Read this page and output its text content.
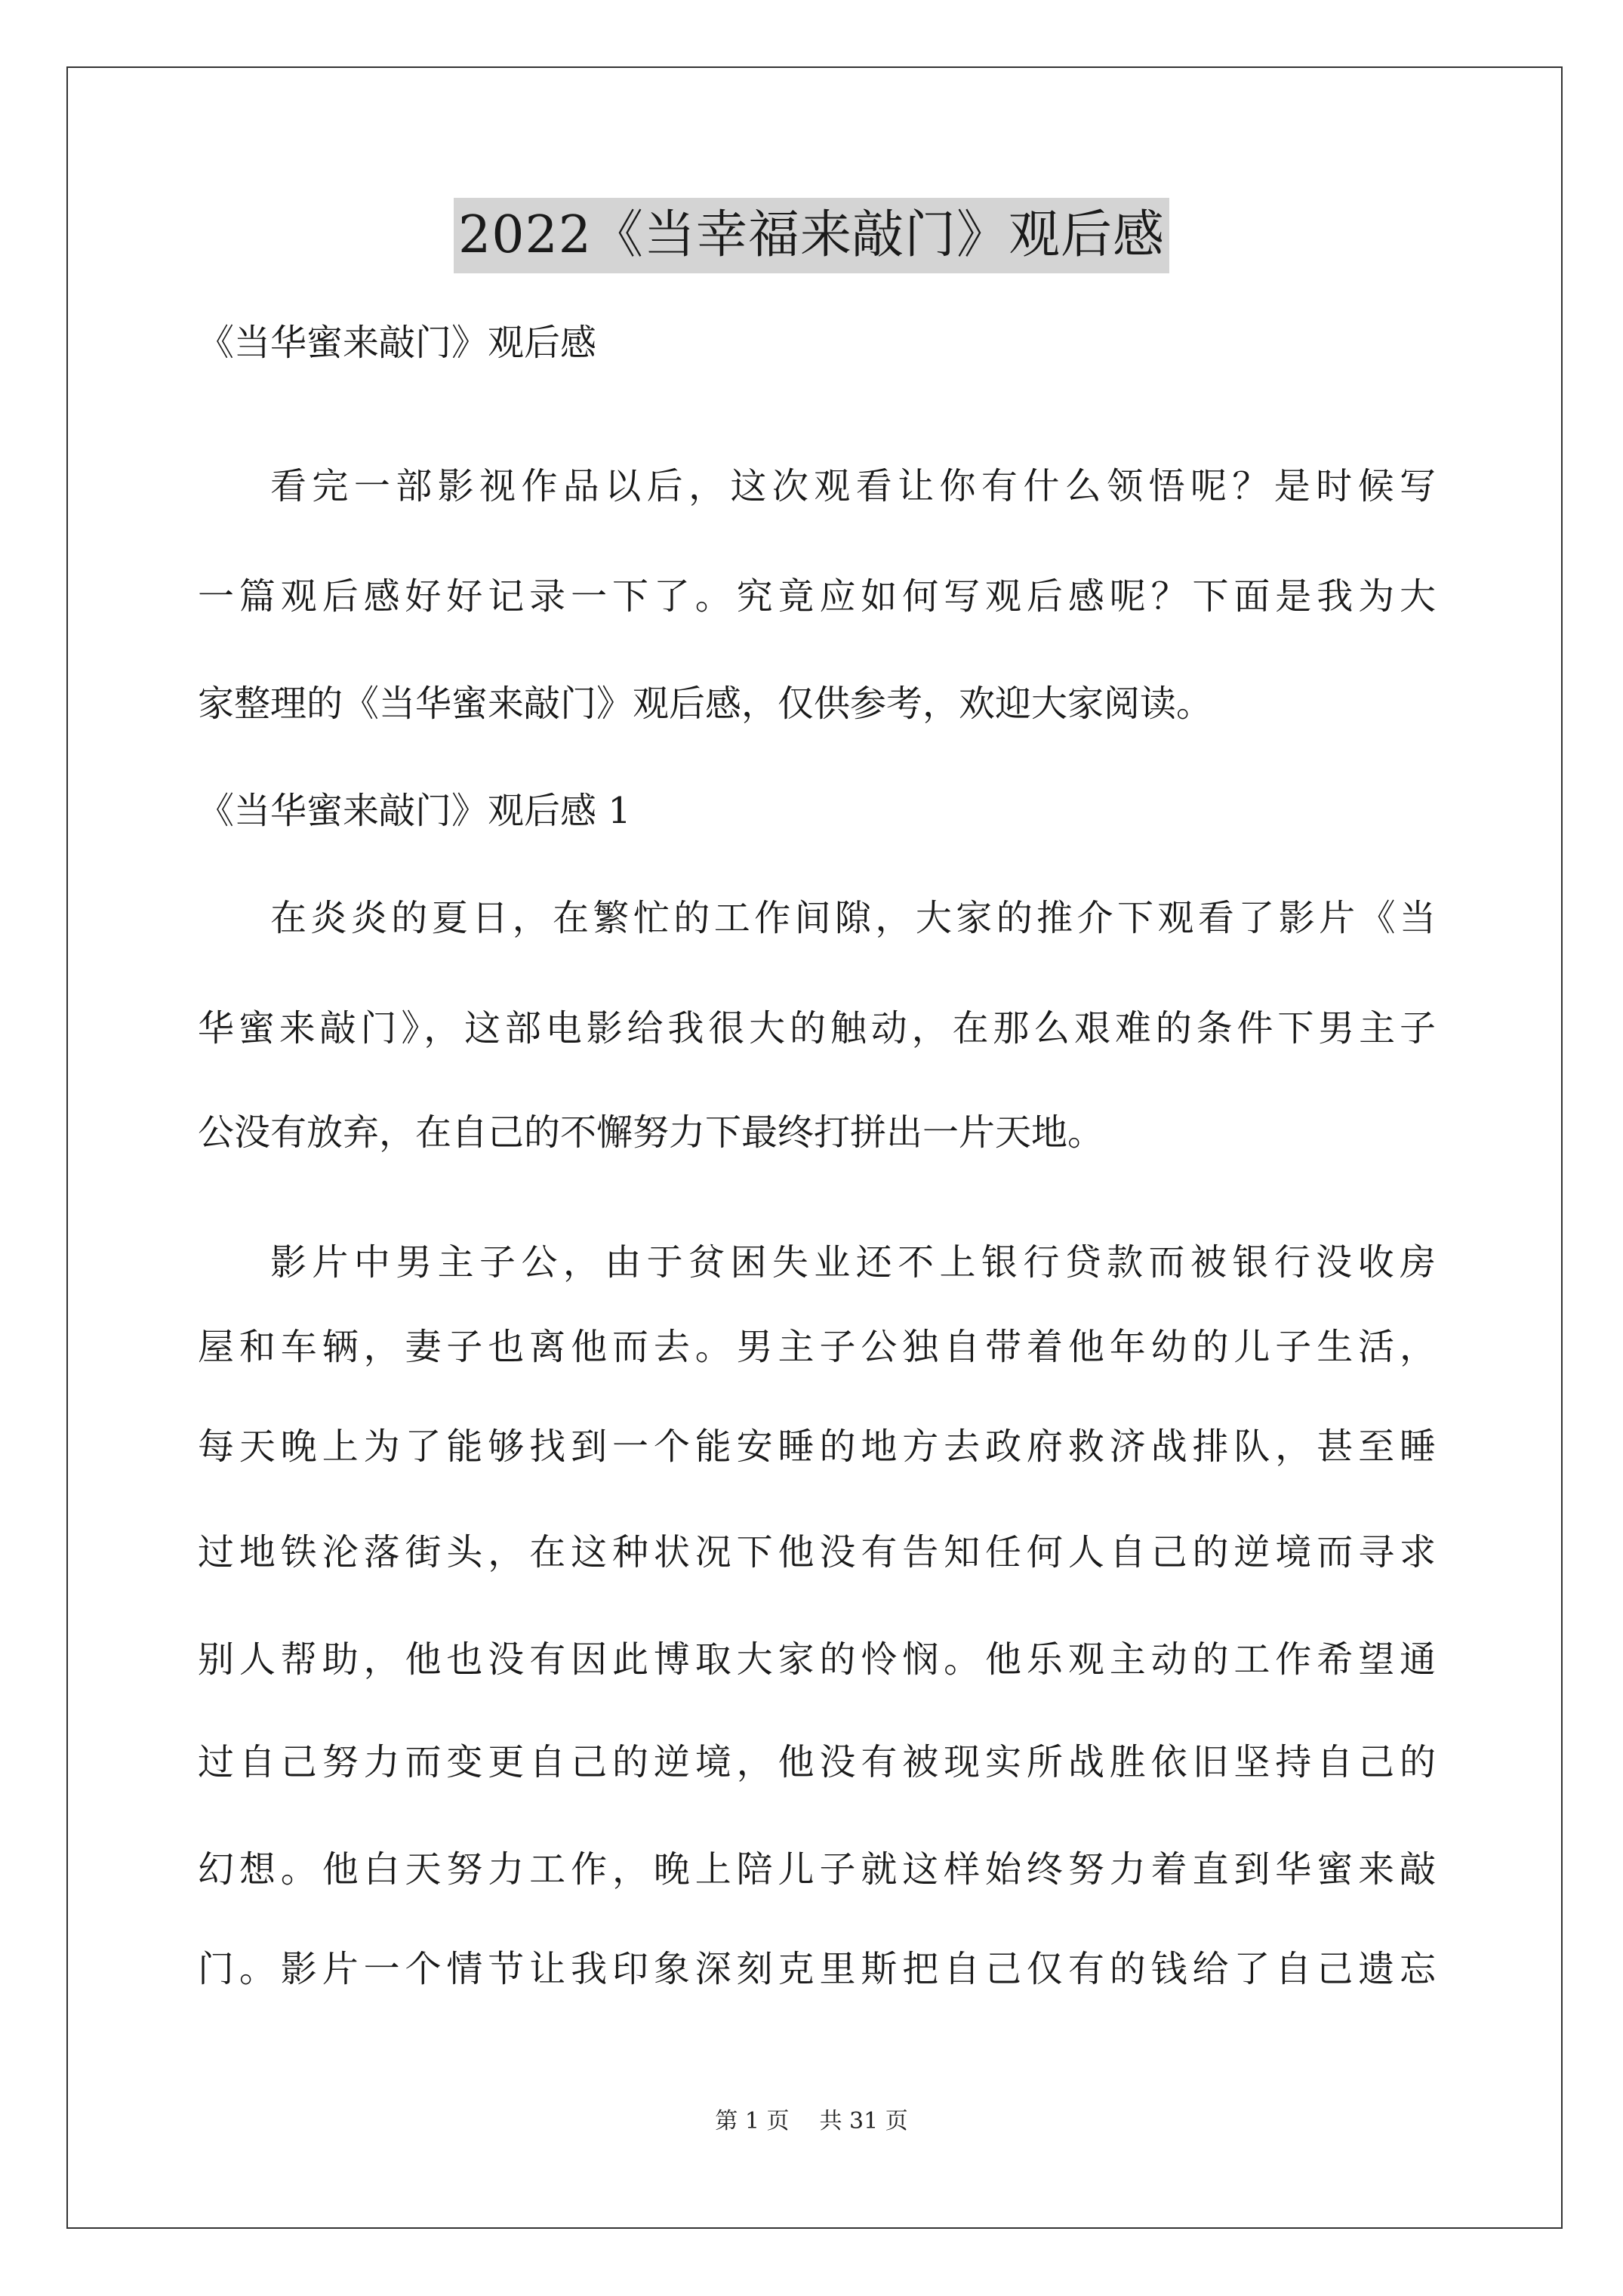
2022《当幸福来敲门》观后感
《当华蜜来敲门》观后感
看完一部影视作品以后，这次观看让你有什么领悟呢？是时候写
一篇观后感好好记录一下了。究竟应如何写观后感呢？下面是我为大
家整理的《当华蜜来敲门》观后感，仅供参考，欢迎大家阅读。
《当华蜜来敲门》观后感 1
在炎炎的夏日，在繁忙的工作间隙，大家的推介下观看了影片《当
华蜜来敲门》，这部电影给我很大的触动，在那么艰难的条件下男主子
公没有放弃，在自己的不懈努力下最终打拼出一片天地。
影片中男主子公，由于贫困失业还不上银行贷款而被银行没收房
屋和车辆，妻子也离他而去。男主子公独自带着他年幼的儿子生活，
每天晚上为了能够找到一个能安睡的地方去政府救济战排队，甚至睡
过地铁沦落街头，在这种状况下他没有告知任何人自己的逆境而寻求
别人帮助，他也没有因此博取大家的怜悯。他乐观主动的工作希望通
过自己努力而变更自己的逆境，他没有被现实所战胜依旧坚持自己的
幻想。他白天努力工作，晚上陪儿子就这样始终努力着直到华蜜来敲
门。影片一个情节让我印象深刻克里斯把自己仅有的钱给了自己遗忘
第 1 页 共 31 页
